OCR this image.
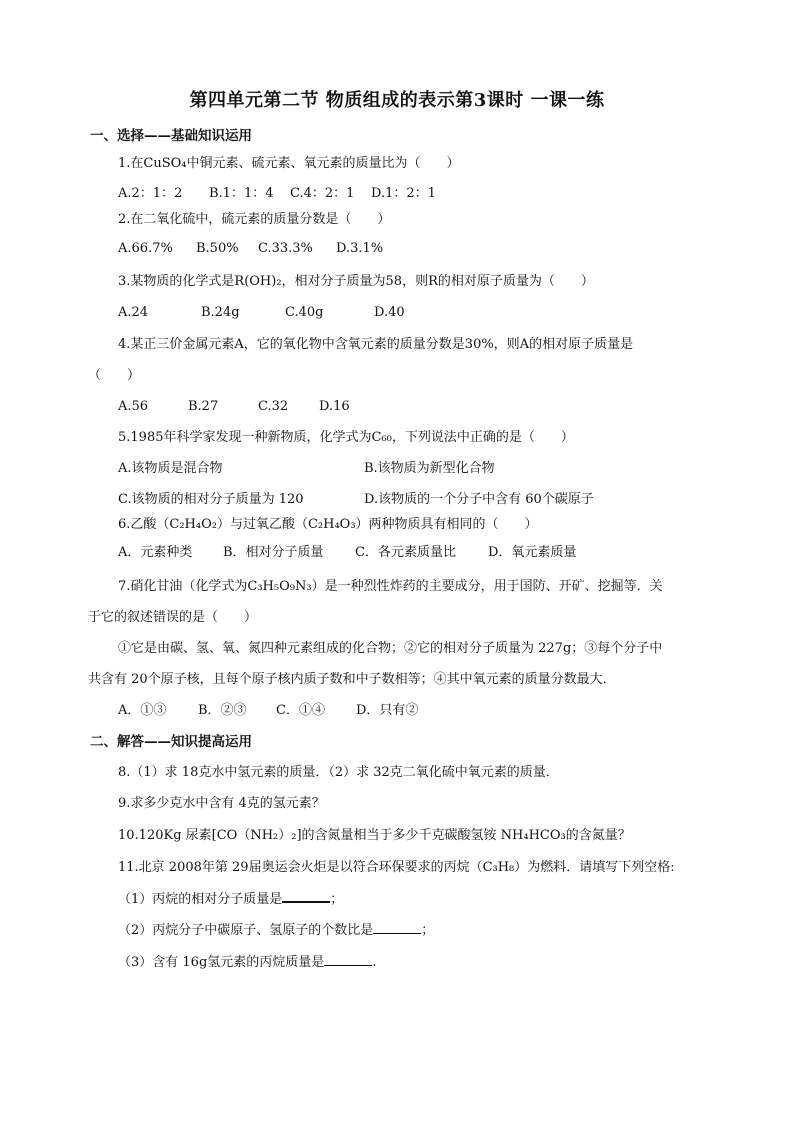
第四单元第二节 物质组成的表示第3课时 一课一练
一、选择——基础知识运用
1.在CuSO₄中铜元素、硫元素、氧元素的质量比为（　　）
A.2：1：2 B.1：1：4 C.4：2：1 D.1：2：1
2.在二氧化硫中，硫元素的质量分数是（　　）
A.66.7% B.50% C.33.3% D.3.1%
3.某物质的化学式是R(OH)₂，相对分子质量为58，则R的相对原子质量为（　　）
A.24	B.24g	C.40g	D.40
4.某正三价金属元素A，它的氧化物中含氧元素的质量分数是30%，则A的相对原子质量是
（　　）
A.56	B.27	C.32 D.16
5.1985年科学家发现一种新物质，化学式为C₆₀，下列说法中正确的是（　　）
A.该物质是混合物	B.该物质为新型化合物
C.该物质的相对分子质量为 120	D.该物质的一个分子中含有 60个碳原子
6.乙酸（C₂H₄O₂）与过氧乙酸（C₂H₄O₃）两种物质具有相同的（　　）
A．元素种类 B．相对分子质量 C．各元素质量比 D．氧元素质量
7.硝化甘油（化学式为C₃H₅O₉N₃）是一种烈性炸药的主要成分，用于国防、开矿、挖掘等．关
于它的叙述错误的是（　　）
①它是由碳、氢、氧、氮四种元素组成的化合物；②它的相对分子质量为 227g；③每个分子中
共含有 20个原子核，且每个原子核内质子数和中子数相等；④其中氧元素的质量分数最大．
A．①③ B．②③ C．①④ D．只有②
二、解答——知识提高运用
8.（1）求 18克水中氢元素的质量．（2）求 32克二氧化硫中氧元素的质量．
9.求多少克水中含有 4克的氢元素？
10.120Kg 尿素[CO（NH₂）₂]的含氮量相当于多少千克碳酸氢铵 NH₄HCO₃的含氮量？
11.北京 2008年第 29届奥运会火炬是以符合环保要求的丙烷（C₃H₈）为燃料．请填写下列空格:
（1）丙烷的相对分子质量是	；
（2）丙烷分子中碳原子、氢原子的个数比是	；
（3）含有 16g氢元素的丙烷质量是	.
